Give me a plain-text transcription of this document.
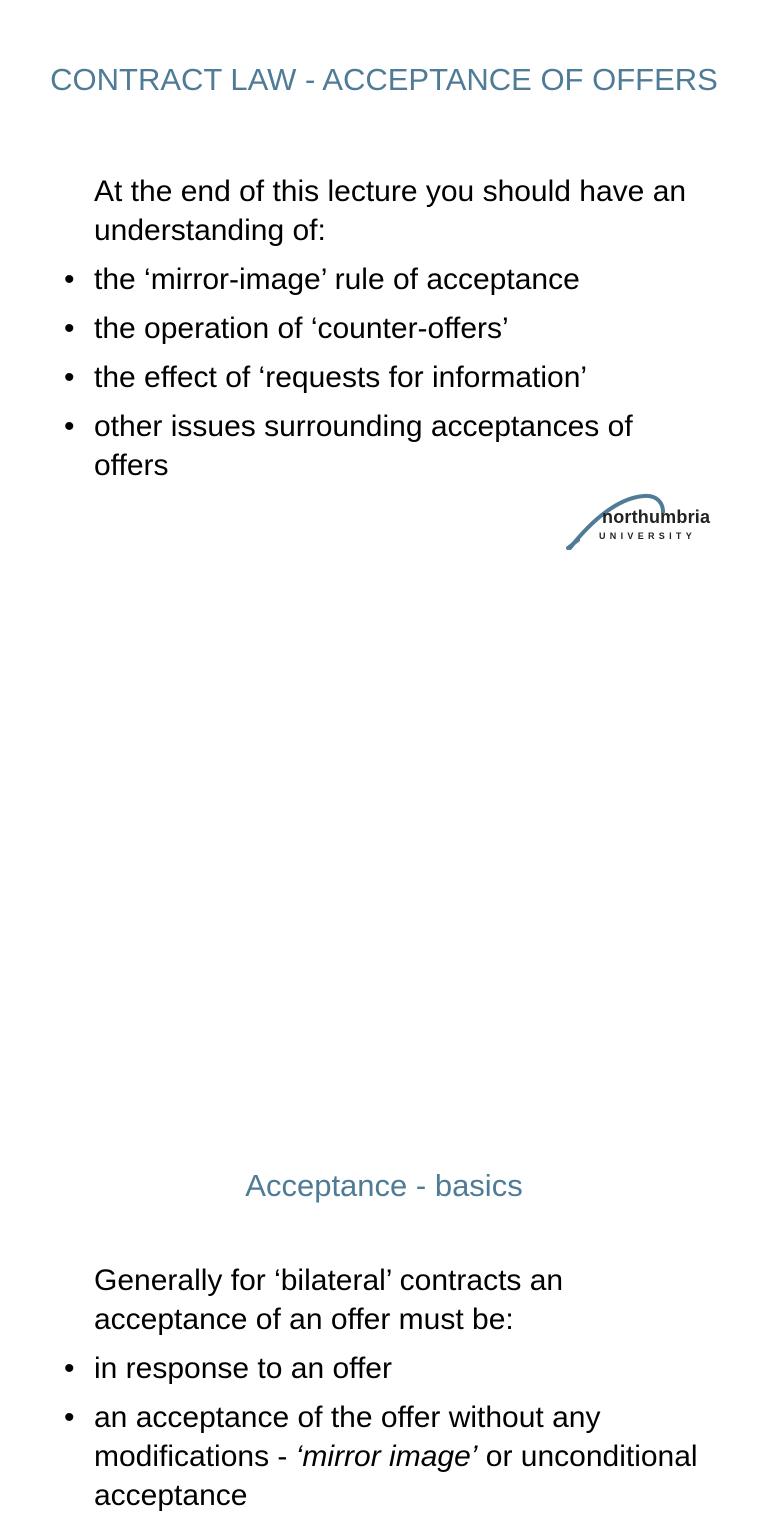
CONTRACT LAW - ACCEPTANCE OF OFFERS
At the end of this lecture you should have an understanding of:
• the ‘mirror-image’ rule of acceptance
• the operation of ‘counter-offers’
• the effect of ‘requests for information’
• other issues surrounding acceptances of offers
northumbria
UNIVERSITY
Acceptance - basics
Generally for ‘bilateral’ contracts an acceptance of an offer must be:
• in response to an offer
• an acceptance of the offer without any modifications - ‘mirror image’ or unconditional acceptance
